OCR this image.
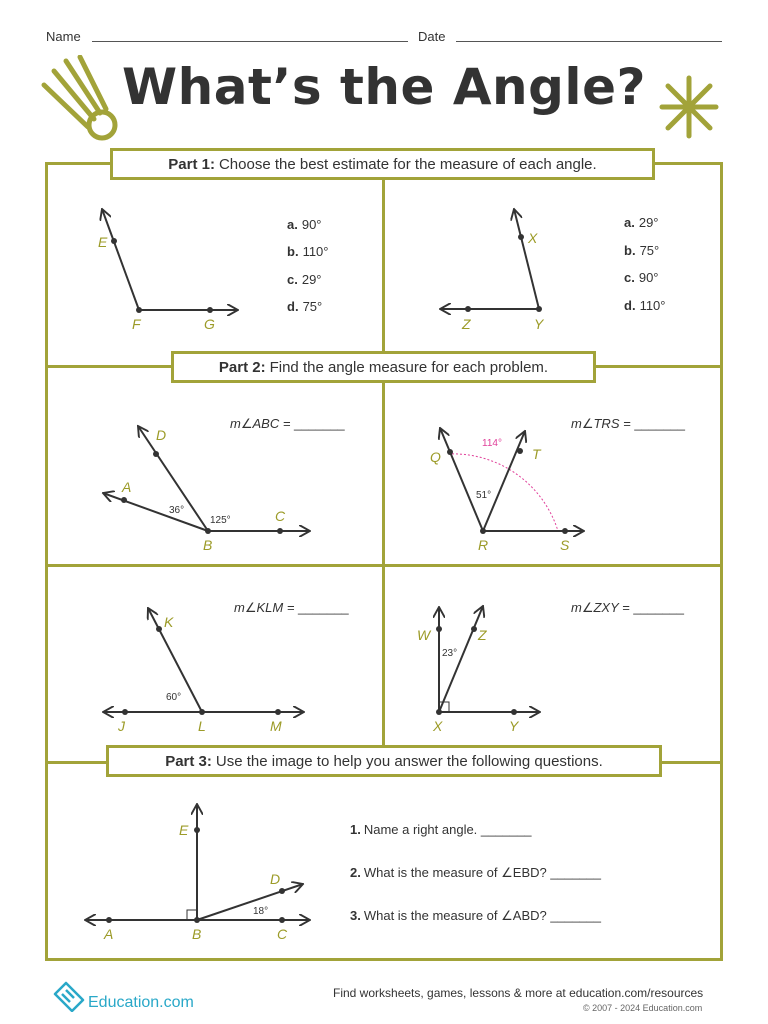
Name	Date
What’s the Angle?
Part 1: Choose the best estimate for the measure of each angle.
Part 2: Find the angle measure for each problem.
Part 3: Use the image to help you answer the following questions.
E
F	G
a. 90°
b. 110°
c. 29°
d. 75°
X
Z	Y
a. 29°
b. 75°
c. 90°
d. 110°
D
A
B
C
36°
125°
m∠ABC = _______
Q	T
R	S
114°
51°
m∠TRS = _______
K
J	L	M
60°
m∠KLM = _______
W	Z
X	Y
23°
m∠ZXY = _______
E
D
A	B	C
18°
1. Name a right angle. _______
2. What is the measure of ∠EBD? _______
3. What is the measure of ∠ABD? _______
Education.com
Find worksheets, games, lessons & more at education.com/resources
© 2007 - 2024 Education.com
